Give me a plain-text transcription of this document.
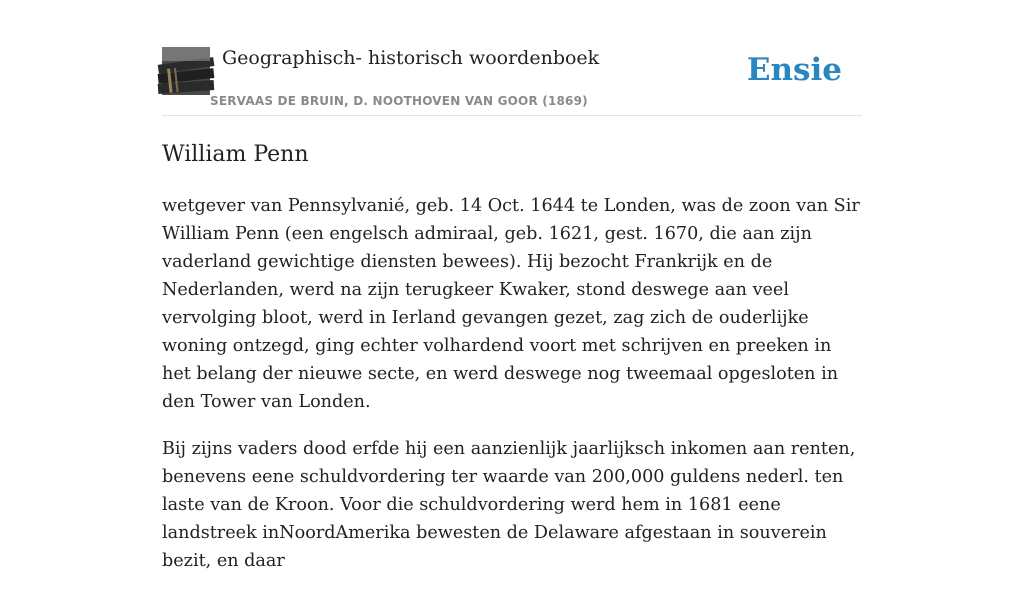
Geographisch- historisch woordenboek
SERVAAS DE BRUIN, D. NOOTHOVEN VAN GOOR (1869)
Ensie
William Penn

wetgever van Pennsylvanié, geb. 14 Oct. 1644 te Londen, was de zoon van Sir William Penn (een engelsch admiraal, geb. 1621, gest. 1670, die aan zijn vaderland gewichtige diensten bewees). Hij bezocht Frankrijk en de Nederlanden, werd na zijn terugkeer Kwaker, stond deswege aan veel vervolging bloot, werd in Ierland gevangen gezet, zag zich de ouderlijke woning ontzegd, ging echter volhardend voort met schrijven en preeken in het belang der nieuwe secte, en werd deswege nog tweemaal opgesloten in den Tower van Londen.

Bij zijns vaders dood erfde hij een aanzienlijk jaarlijksch inkomen aan renten, benevens eene schuldvordering ter waarde van 200,000 guldens nederl. ten laste van de Kroon. Voor die schuldvordering werd hem in 1681 eene landstreek inNoordAmerika bewesten de Delaware afgestaan in souverein bezit, en daar
